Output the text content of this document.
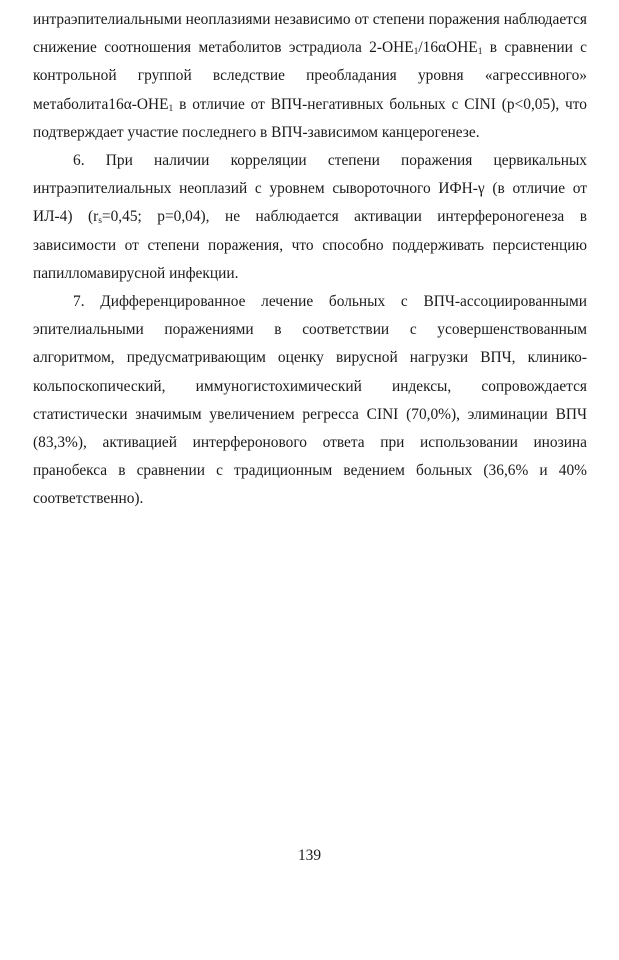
интраэпителиальными неоплазиями независимо от степени поражения наблюдается снижение соотношения метаболитов эстрадиола $2-ОНЕ_1/16\alpha ОНЕ_1$ в сравнении с контрольной группой вследствие преобладания уровня «агрессивного» $метаболита16\alpha-ОНЕ_1$ в отличие от ВПЧ-негативных больных с CINI (р<0,05), что подтверждает участие последнего в ВПЧ-зависимом канцерогенезе.

6. При наличии корреляции степени поражения цервикальных интраэпителиальных неоплазий с уровнем сывороточного ИФН-γ (в отличие от ИЛ-4) ($r_s=0,45$; р=0,04), не наблюдается активации интерфероногенеза в зависимости от степени поражения, что способно поддерживать персистенцию папилломавирусной инфекции.

7. Дифференцированное лечение больных с ВПЧ-ассоциированными эпителиальными поражениями в соответствии с усовершенствованным алгоритмом, предусматривающим оценку вирусной нагрузки ВПЧ, клинико-кольпоскопический, иммуногистохимический индексы, сопровождается статистически значимым увеличением регресса CINI (70,0%), элиминации ВПЧ (83,3%), активацией интерферонового ответа при использовании инозина пранобекса в сравнении с традиционным ведением больных (36,6% и 40% соответственно).

139
